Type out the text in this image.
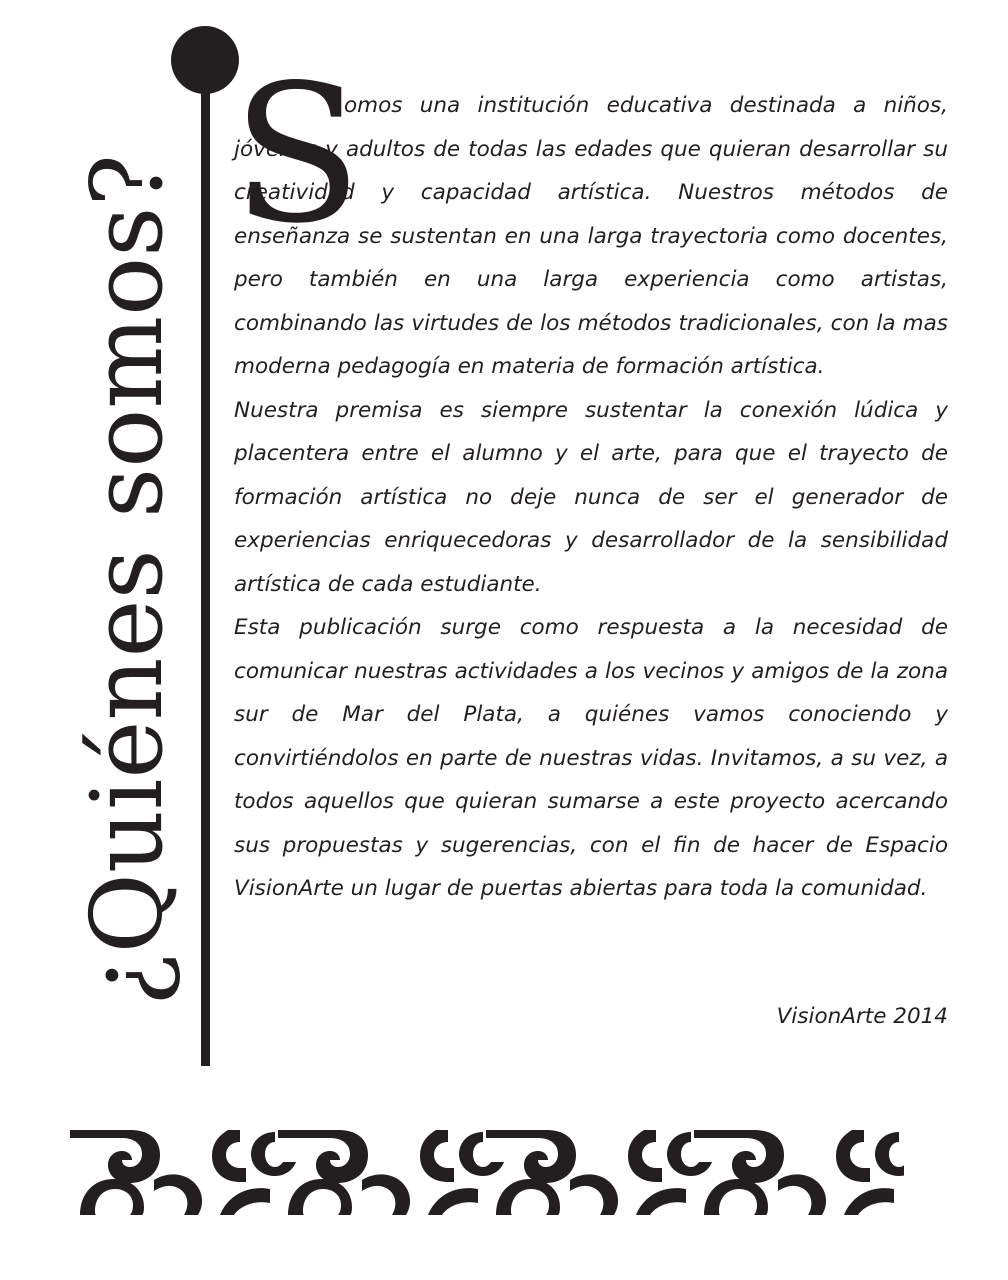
¿Quiénes somos? S

omos una institución educativa destinada a niños, jóvenes y adultos de todas las edades que quieran desarrollar su creatividad y capacidad artística. Nuestros métodos de enseñanza se sustentan en una larga trayectoria como docentes, pero también en una larga experiencia como artistas, combinando las virtudes de los métodos tradicionales, con la mas moderna pedagogía en materia de formación artística.

Nuestra premisa es siempre sustentar la conexión lúdica y placentera entre el alumno y el arte, para que el trayecto de formación artística no deje nunca de ser el generador de experiencias enriquecedoras y desarrollador de la sensibilidad artística de cada estudiante.

Esta publicación surge como respuesta a la necesidad de comunicar nuestras actividades a los vecinos y amigos de la zona sur de Mar del Plata, a quiénes vamos conociendo y convirtiéndolos en parte de nuestras vidas. Invitamos, a su vez, a todos aquellos que quieran sumarse a este proyecto acercando sus propuestas y sugerencias, con el fin de hacer de Espacio VisionArte un lugar de puertas abiertas para toda la comunidad.

VisionArte 2014
